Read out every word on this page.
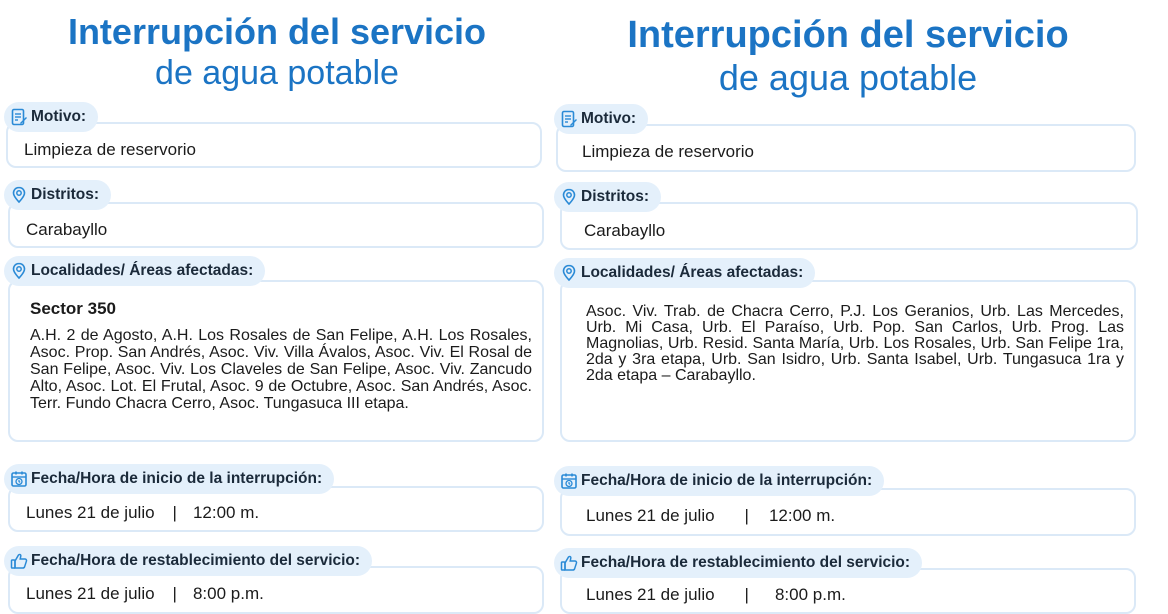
Interrupción del servicio
de agua potable
Limpieza de reservorio
Motivo:
Carabayllo
Distritos:
Sector 350
A.H. 2 de Agosto, A.H. Los Rosales de San Felipe, A.H. Los Rosales, Asoc. Prop. San Andrés, Asoc. Viv. Villa Ávalos, Asoc. Viv. El Rosal de San Felipe, Asoc. Viv. Los Claveles de San Felipe, Asoc. Viv. Zancudo Alto, Asoc. Lot. El Frutal, Asoc. 9 de Octubre, Asoc. San Andrés, Asoc. Terr. Fundo Chacra Cerro, Asoc. Tungasuca III etapa.
Localidades/ Áreas afectadas:
Lunes 21 de julio | 12:00 m.
Fecha/Hora de inicio de la interrupción:
Lunes 21 de julio | 8:00 p.m.
Fecha/Hora de restablecimiento del servicio:
Interrupción del servicio
de agua potable
Limpieza de reservorio
Motivo:
Carabayllo
Distritos:
Asoc. Viv. Trab. de Chacra Cerro, P.J. Los Geranios, Urb. Las Mercedes, Urb. Mi Casa, Urb. El Paraíso, Urb. Pop. San Carlos, Urb. Prog. Las Magnolias, Urb. Resid. Santa María, Urb. Los Rosales, Urb. San Felipe 1ra, 2da y 3ra etapa, Urb. San Isidro, Urb. Santa Isabel, Urb. Tungasuca 1ra y 2da etapa – Carabayllo.
Localidades/ Áreas afectadas:
Lunes 21 de julio | 12:00 m.
Fecha/Hora de inicio de la interrupción:
Lunes 21 de julio | 8:00 p.m.
Fecha/Hora de restablecimiento del servicio:
